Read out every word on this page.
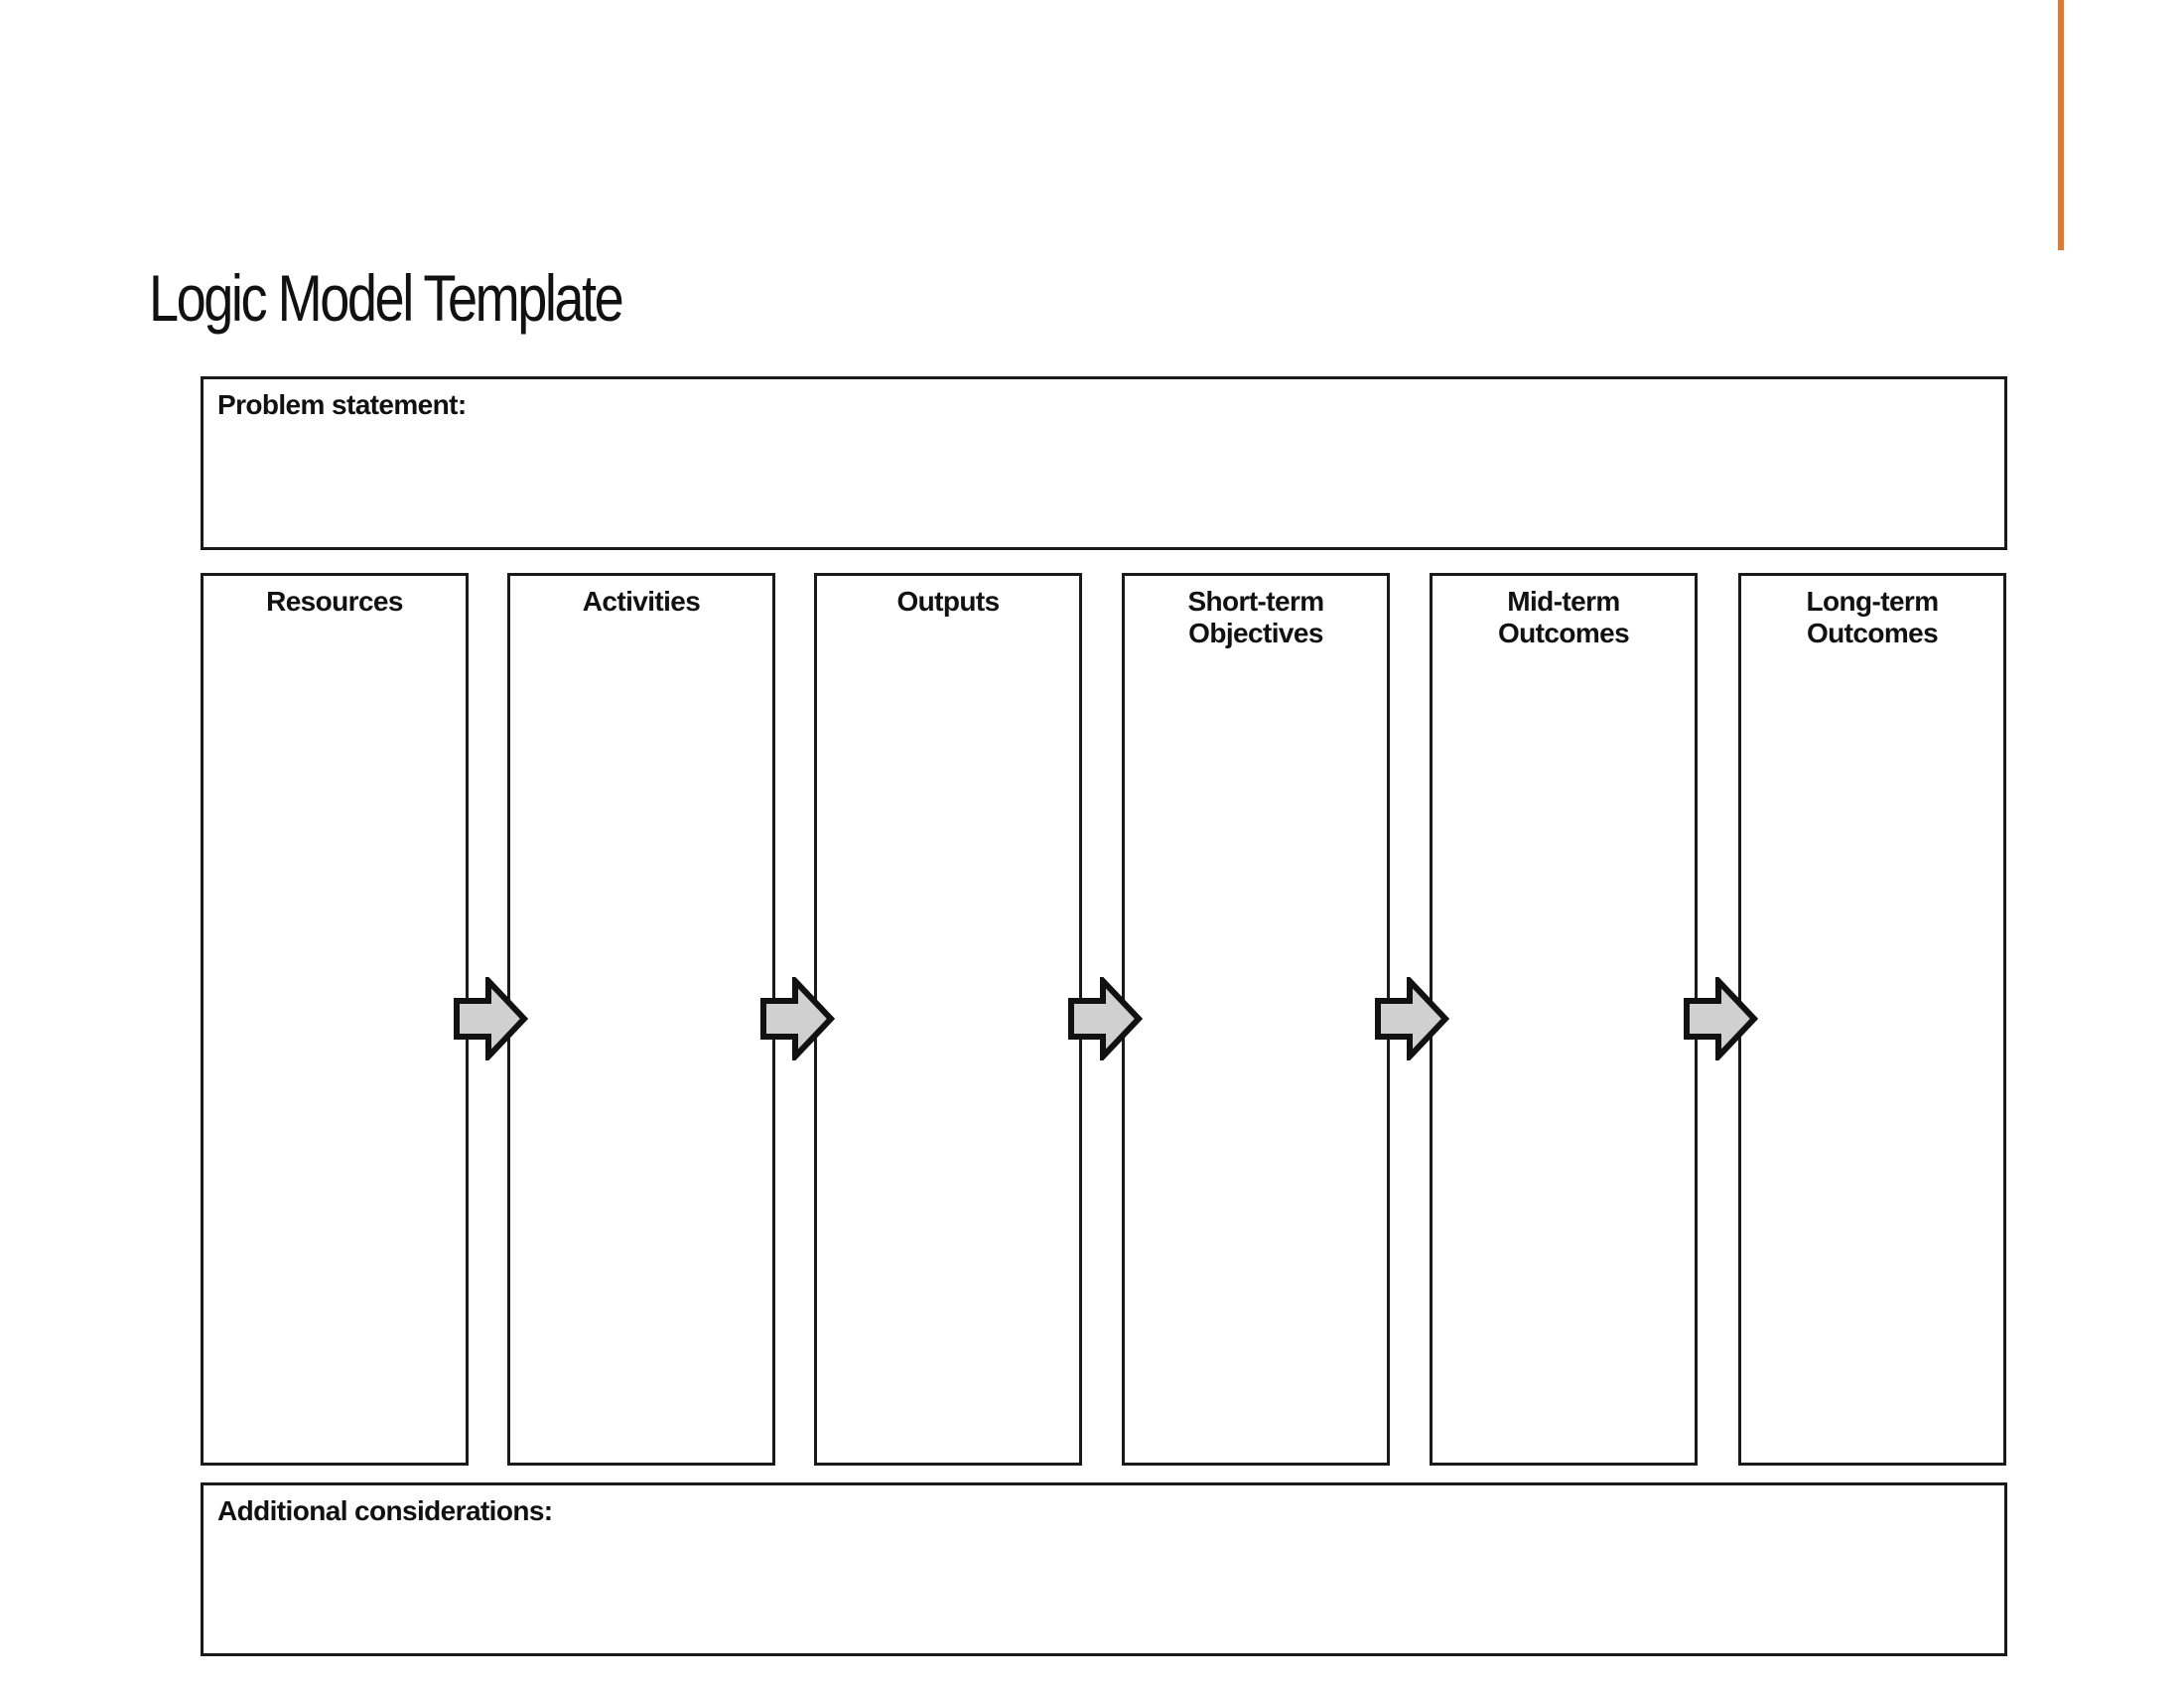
Logic Model Template
Problem statement:
Resources	Activities	Outputs	Short-term
Objectives
Mid-term
Outcomes
Long-term
Outcomes
Additional considerations:
